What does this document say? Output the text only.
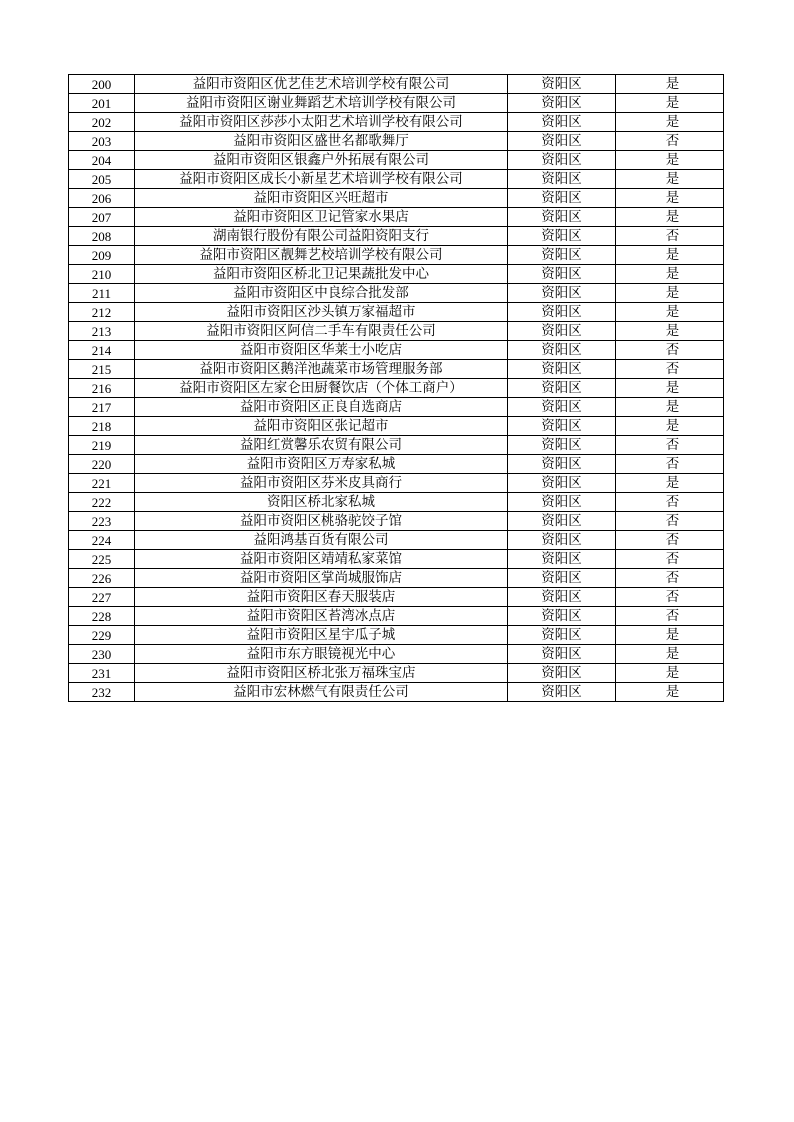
200	益阳市资阳区优艺佳艺术培训学校有限公司	资阳区	是
201	益阳市资阳区谢业舞蹈艺术培训学校有限公司	资阳区	是
202	益阳市资阳区莎莎小太阳艺术培训学校有限公司	资阳区	是
203	益阳市资阳区盛世名都歌舞厅	资阳区	否
204	益阳市资阳区银鑫户外拓展有限公司	资阳区	是
205	益阳市资阳区成长小新星艺术培训学校有限公司	资阳区	是
206	益阳市资阳区兴旺超市	资阳区	是
207	益阳市资阳区卫记管家水果店	资阳区	是
208	湖南银行股份有限公司益阳资阳支行	资阳区	否
209	益阳市资阳区靓舞艺校培训学校有限公司	资阳区	是
210	益阳市资阳区桥北卫记果蔬批发中心	资阳区	是
211	益阳市资阳区中良综合批发部	资阳区	是
212	益阳市资阳区沙头镇万家福超市	资阳区	是
213	益阳市资阳区阿信二手车有限责任公司	资阳区	是
214	益阳市资阳区华莱士小吃店	资阳区	否
215	益阳市资阳区鹅洋池蔬菜市场管理服务部	资阳区	否
216	益阳市资阳区左家仑田厨餐饮店（个体工商户）	资阳区	是
217	益阳市资阳区正良自选商店	资阳区	是
218	益阳市资阳区张记超市	资阳区	是
219	益阳红赏馨乐农贸有限公司	资阳区	否
220	益阳市资阳区万寿家私城	资阳区	否
221	益阳市资阳区芬米皮具商行	资阳区	是
222	资阳区桥北家私城	资阳区	否
223	益阳市资阳区桃骆驼饺子馆	资阳区	否
224	益阳鸿基百货有限公司	资阳区	否
225	益阳市资阳区靖靖私家菜馆	资阳区	否
226	益阳市资阳区掌尚城服饰店	资阳区	否
227	益阳市资阳区春天服装店	资阳区	否
228	益阳市资阳区苔湾冰点店	资阳区	否
229	益阳市资阳区星宇瓜子城	资阳区	是
230	益阳市东方眼镜视光中心	资阳区	是
231	益阳市资阳区桥北张万福珠宝店	资阳区	是
232	益阳市宏林燃气有限责任公司	资阳区	是
